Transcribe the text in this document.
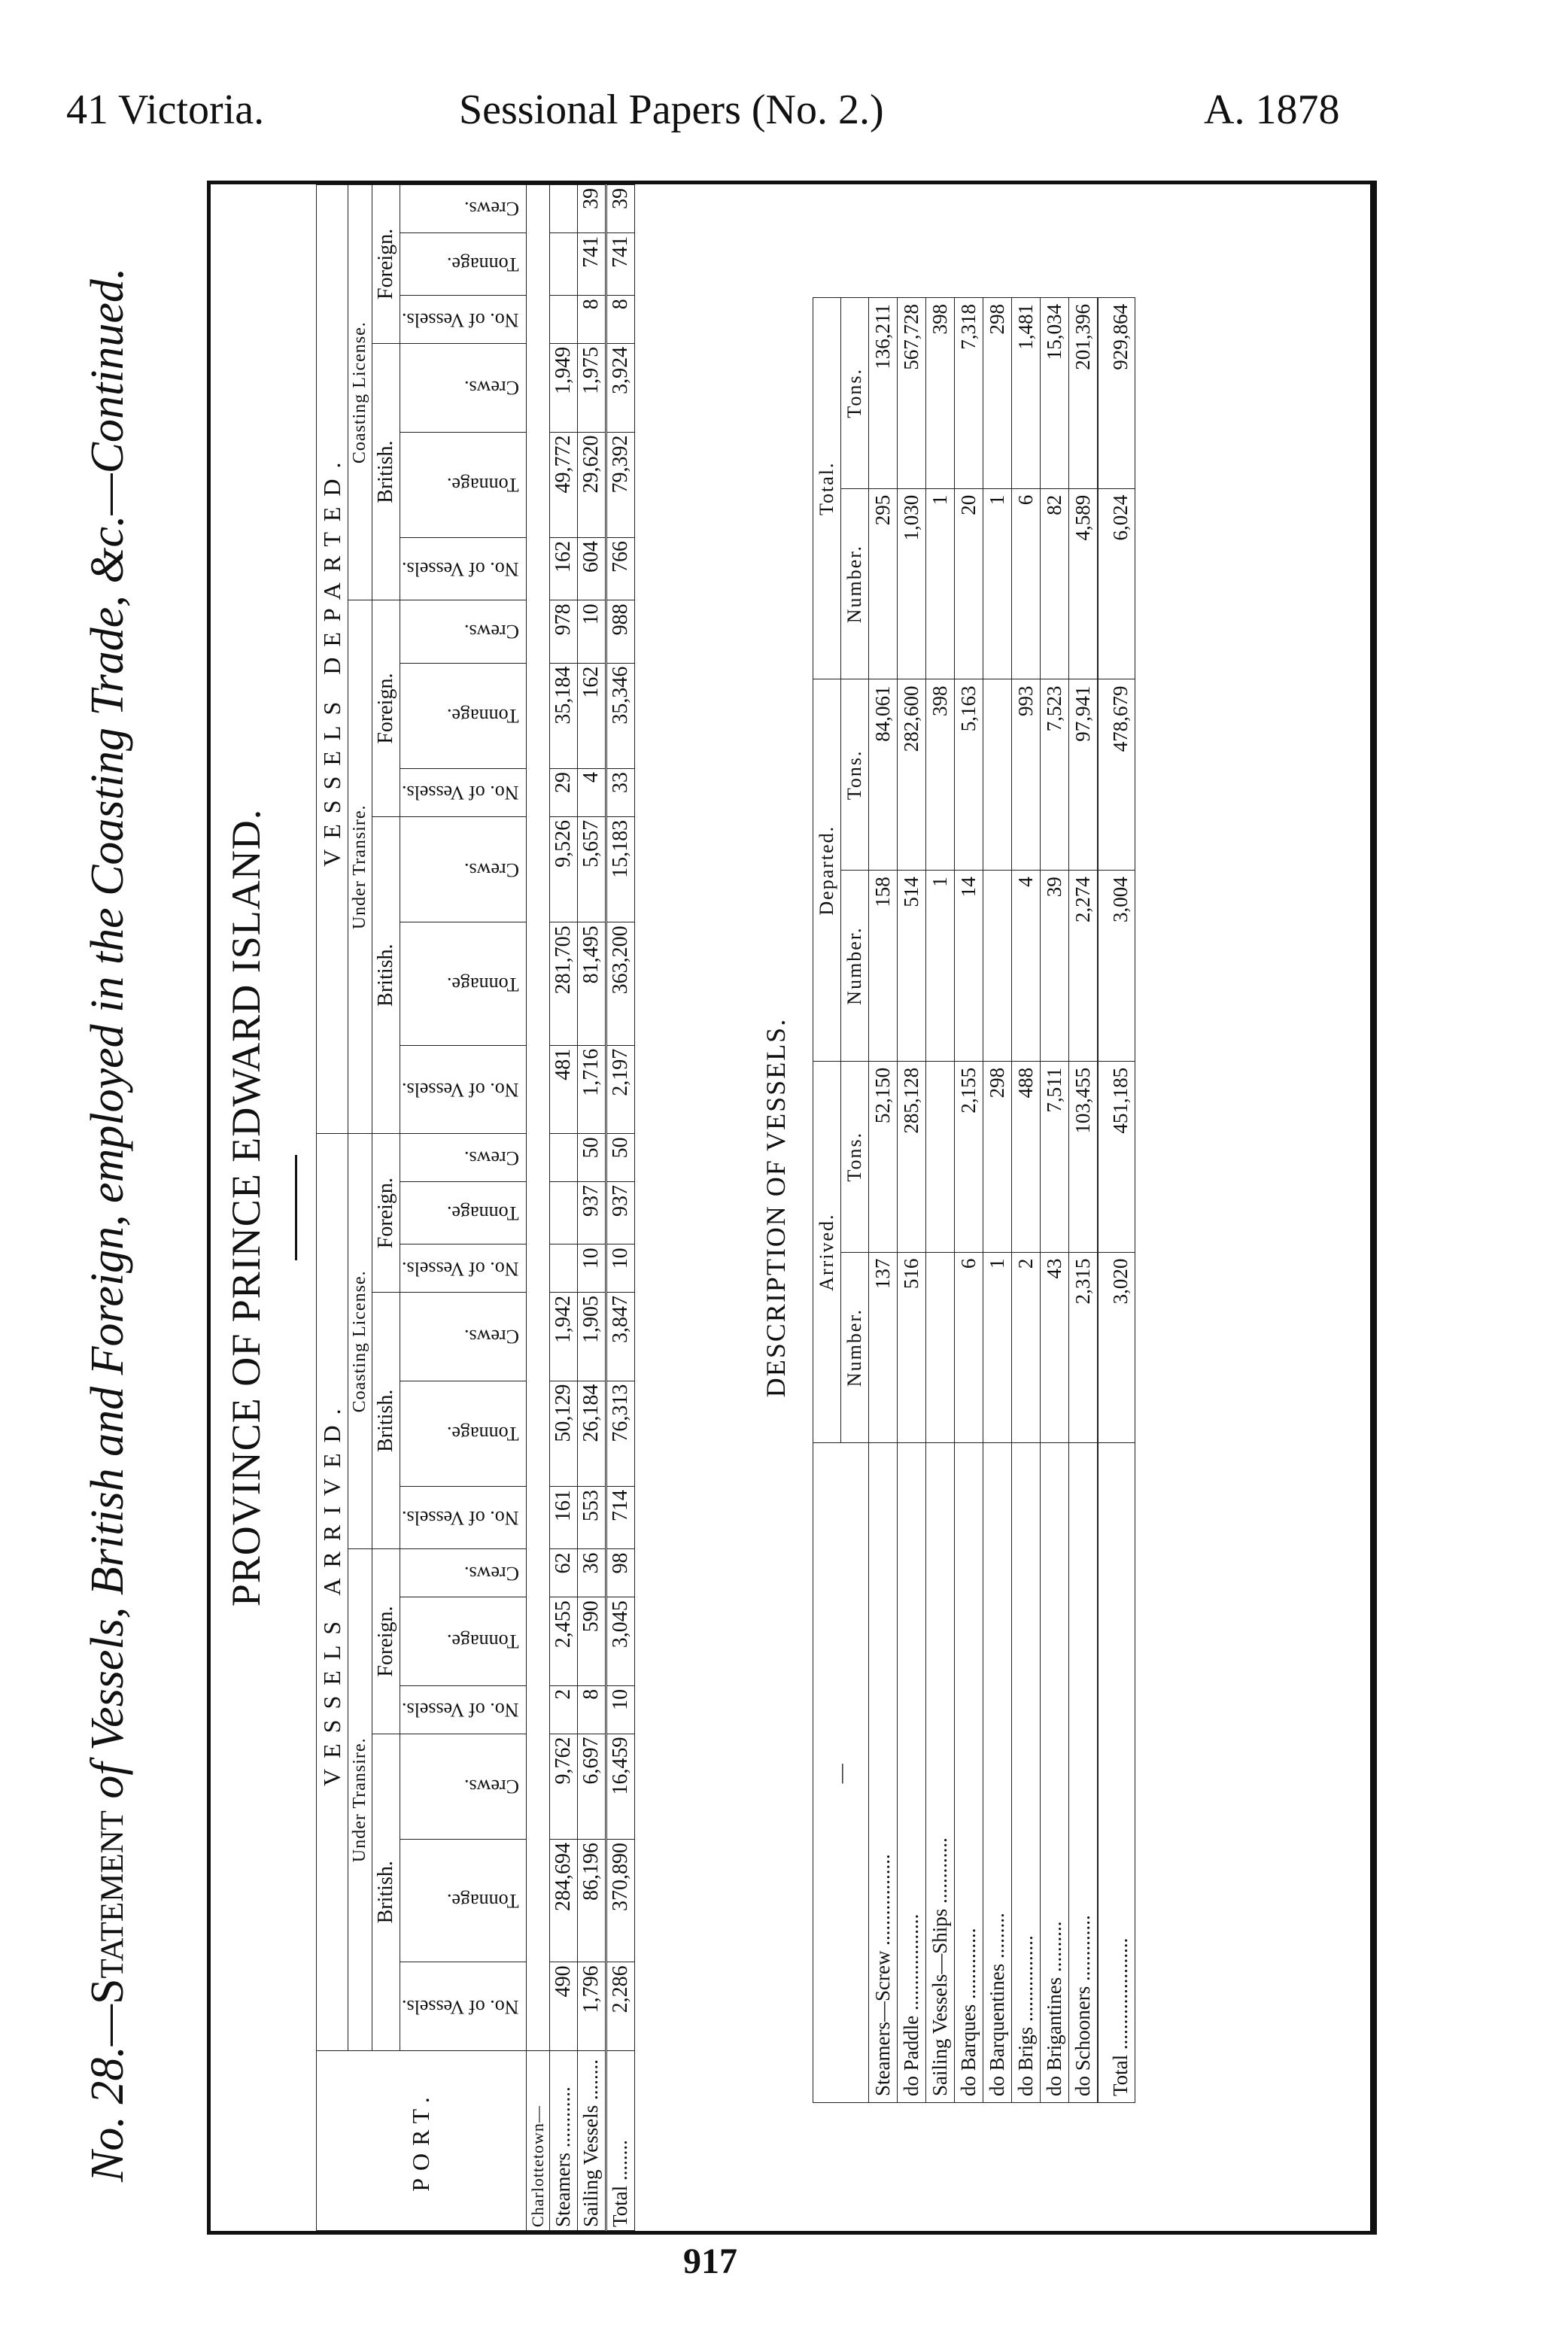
41 Victoria.	Sessional Papers (No. 2.)	A. 1878
No. 28.—Statement of Vessels, British and Foreign, employed in the Coasting Trade, &c.—Continued. PROVINCE OF PRINCE EDWARD ISLAND.
PORT.	VESSELS ARRIVED.												VESSELS DEPARTED.											
	Under Transire.						Coasting License.						Under Transire.						Coasting License.					
	British.			Foreign.			British.			Foreign.			British.			Foreign.			British.			Foreign.		
	No. of Vessels.	Tonnage.	Crews.	No. of Vessels.	Tonnage.	Crews.	No. of Vessels.	Tonnage.	Crews.	No. of Vessels.	Tonnage.	Crews.	No. of Vessels.	Tonnage.	Crews.	No. of Vessels.	Tonnage.	Crews.	No. of Vessels.	Tonnage.	Crews.	No. of Vessels.	Tonnage.	Crews.
Charlottetown—																								
Steamers ............	490	284,694	9,762	2	2,455	62	161	50,129	1,942				481	281,705	9,526	29	35,184	978	162	49,772	1,949			
Sailing Vessels ........	1,796	86,196	6,697	8	590	36	553	26,184	1,905	10	937	50	1,716	81,495	5,657	4	162	10	604	29,620	1,975	8	741	39
Total ........	2,286	370,890	16,459	10	3,045	98	714	76,313	3,847	10	937	50	2,197	363,200	15,183	33	35,346	988	766	79,392	3,924	8	741	39
DESCRIPTION OF VESSELS.
—	Arrived.		Departed.		Total.	
	Number.	Tons.	Number.	Tons.	Number.	Tons.
Steamers—Screw ..................	137	52,150	158	84,061	295	136,211
do Paddle ...................	516	285,128	514	282,600	1,030	567,728
Sailing Vessels—Ships .............			1	398	1	398
do Barques ..............	6	2,155	14	5,163	20	7,318
do Barquentines .........	1	298			1	298
do Brigs .................	2	488	4	993	6	1,481
do Brigantines ..........	43	7,511	39	7,523	82	15,034
do Schooners .............	2,315	103,455	2,274	97,941	4,589	201,396
Total ......................	3,020	451,185	3,004	478,679	6,024	929,864
917
